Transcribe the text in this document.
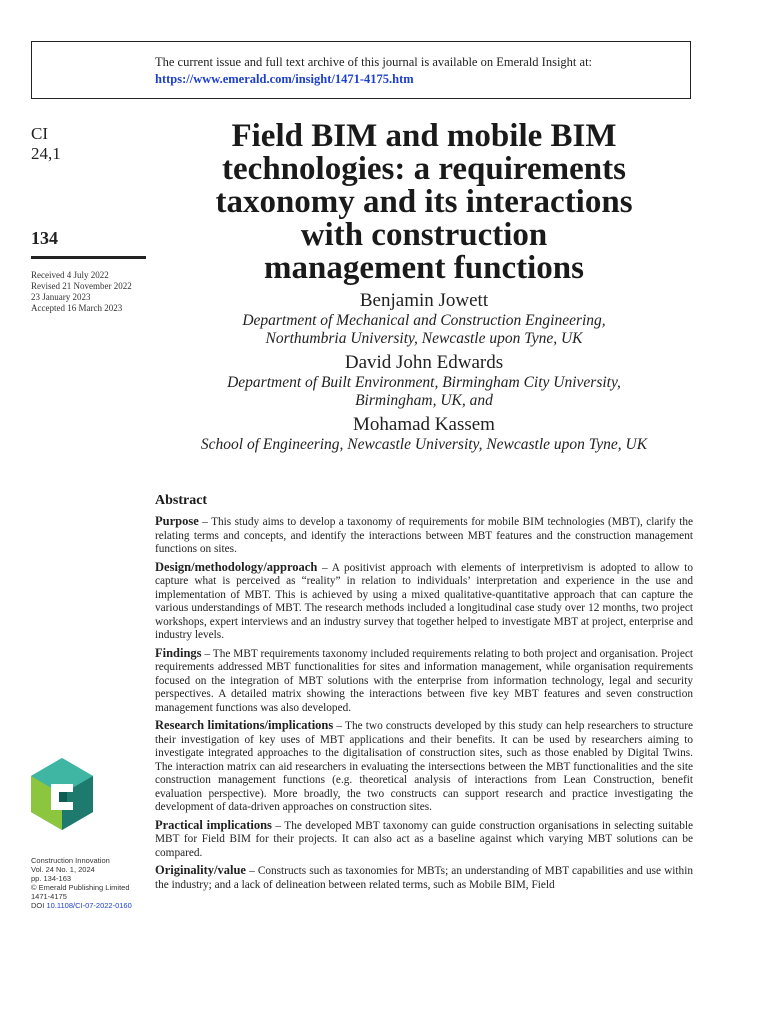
The current issue and full text archive of this journal is available on Emerald Insight at:
https://www.emerald.com/insight/1471-4175.htm
CI
24,1
134
Received 4 July 2022
Revised 21 November 2022
23 January 2023
Accepted 16 March 2023
Field BIM and mobile BIM
technologies: a requirements
taxonomy and its interactions
with construction
management functions
Benjamin Jowett
Department of Mechanical and Construction Engineering,
Northumbria University, Newcastle upon Tyne, UK
David John Edwards
Department of Built Environment, Birmingham City University,
Birmingham, UK, and
Mohamad Kassem
School of Engineering, Newcastle University, Newcastle upon Tyne, UK
Abstract

Purpose – This study aims to develop a taxonomy of requirements for mobile BIM technologies (MBT), clarify the relating terms and concepts, and identify the interactions between MBT features and the construction management functions on sites.

Design/methodology/approach – A positivist approach with elements of interpretivism is adopted to allow to capture what is perceived as “reality” in relation to individuals’ interpretation and experience in the use and implementation of MBT. This is achieved by using a mixed qualitative-quantitative approach that can capture the various understandings of MBT. The research methods included a longitudinal case study over 12 months, two project workshops, expert interviews and an industry survey that together helped to investigate MBT at project, enterprise and industry levels.

Findings – The MBT requirements taxonomy included requirements relating to both project and organisation. Project requirements addressed MBT functionalities for sites and information management, while organisation requirements focused on the integration of MBT solutions with the enterprise from information technology, legal and security perspectives. A detailed matrix showing the interactions between five key MBT features and seven construction management functions was also developed.

Research limitations/implications – The two constructs developed by this study can help researchers to structure their investigation of key uses of MBT applications and their benefits. It can be used by researchers aiming to investigate integrated approaches to the digitalisation of construction sites, such as those enabled by Digital Twins. The interaction matrix can aid researchers in evaluating the intersections between the MBT functionalities and the site construction management functions (e.g. theoretical analysis of interactions from Lean Construction, benefit evaluation perspective). More broadly, the two constructs can support research and practice investigating the development of data-driven approaches on construction sites.

Practical implications – The developed MBT taxonomy can guide construction organisations in selecting suitable MBT for Field BIM for their projects. It can also act as a baseline against which varying MBT solutions can be compared.

Originality/value – Constructs such as taxonomies for MBTs; an understanding of MBT capabilities and use within the industry; and a lack of delineation between related terms, such as Mobile BIM, Field

Construction Innovation
Vol. 24 No. 1, 2024
pp. 134-163
© Emerald Publishing Limited
1471-4175
DOI 10.1108/CI-07-2022-0160
